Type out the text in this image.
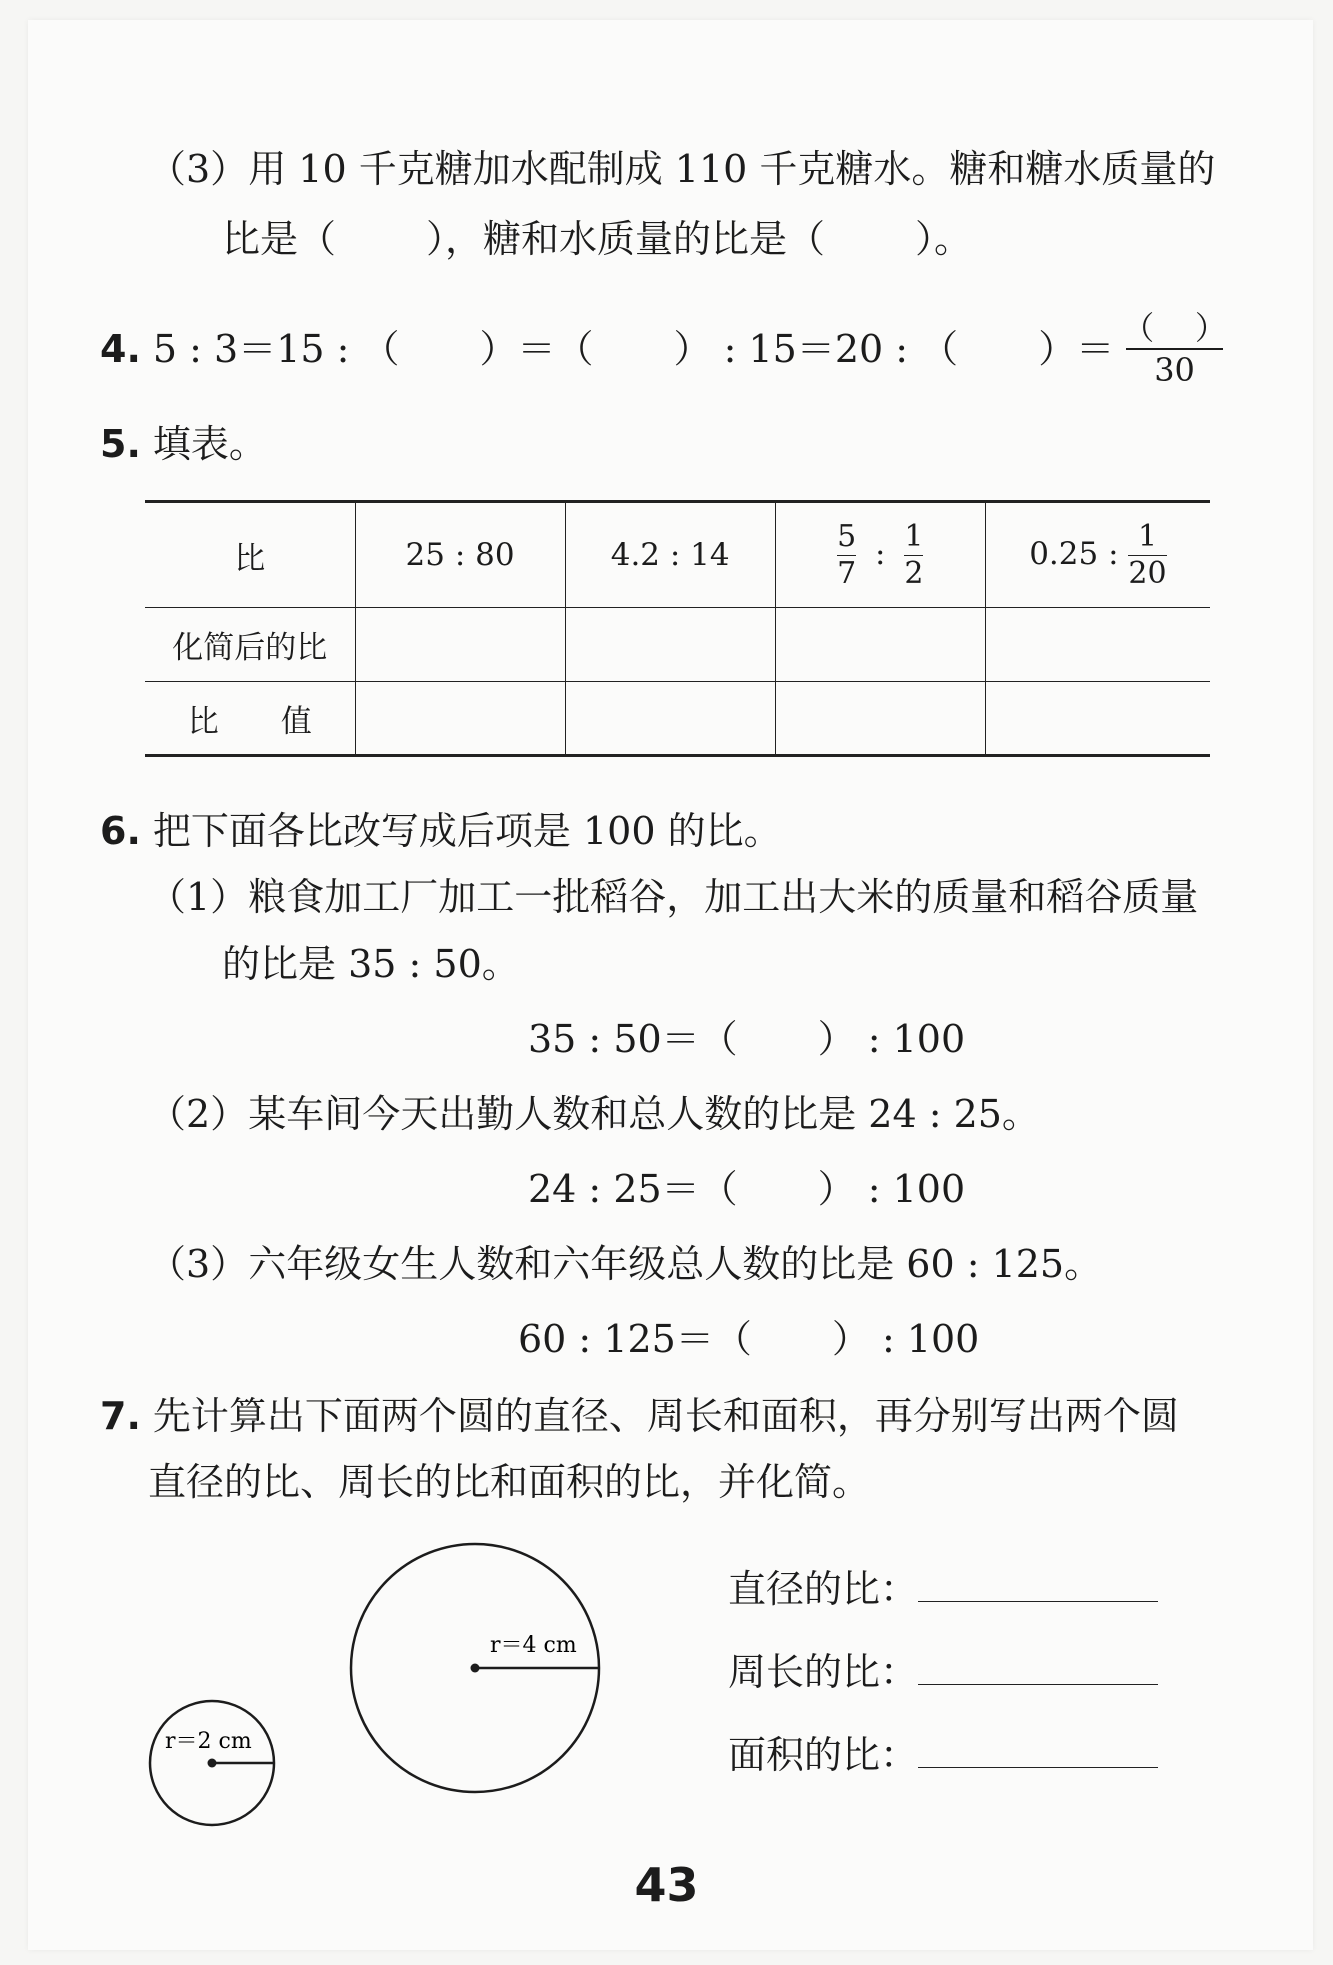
（3）用 10 千克糖加水配制成 110 千克糖水。糖和糖水质量的
比是（ ），糖和水质量的比是（ ）。
4. 5 : 3＝15 : （ ）＝（ ） : 15＝20 : （ ）＝ $\frac{( )}{30}$
5. 填表。
比	25 : 80	4.2 : 14	$\frac{5}{7}$ : $\frac{1}{2}$	0.25 : $\frac{1}{20}$

化简后的比				
比　　值				
6. 把下面各比改写成后项是 100 的比。
（1）粮食加工厂加工一批稻谷，加工出大米的质量和稻谷质量
的比是 35 : 50。
35 : 50＝（ ） : 100
（2）某车间今天出勤人数和总人数的比是 24 : 25。
24 : 25＝（ ） : 100
（3）六年级女生人数和六年级总人数的比是 60 : 125。
60 : 125＝（ ） : 100
7. 先计算出下面两个圆的直径、周长和面积，再分别写出两个圆
直径的比、周长的比和面积的比，并化简。
r＝2 cm
r＝4 cm
直径的比：
周长的比：
面积的比：
43
